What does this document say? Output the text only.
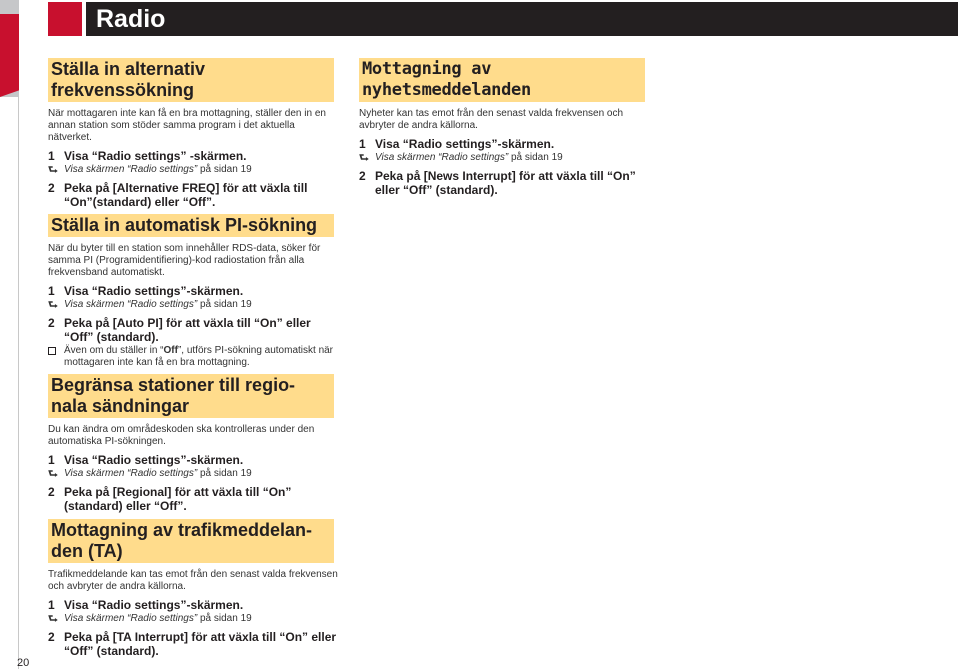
Radio
Ställa in alternativ
frekvenssökning
När mottagaren inte kan få en bra mottagning, ställer den in en annan station som stöder samma program i det aktuella nätverket.
1 Visa “Radio settings” -skärmen.
⮑ Visa skärmen “Radio settings” på sidan 19
2 Peka på [Alternative FREQ] för att växla till “On”(standard) eller “Off”.
Ställa in automatisk PI-sökning
När du byter till en station som innehåller RDS-data, söker för samma PI (Programidentifiering)-kod radiostation från alla frekvensband automatiskt.
1 Visa “Radio settings”-skärmen.
⮑ Visa skärmen “Radio settings” på sidan 19
2 Peka på [Auto PI] för att växla till “On” eller “Off” (standard).
Även om du ställer in “Off”, utförs PI-sökning automatiskt när mottagaren inte kan få en bra mottagning.
Begränsa stationer till regio-
nala sändningar
Du kan ändra om områdeskoden ska kontrolleras under den automatiska PI-sökningen.
1 Visa “Radio settings”-skärmen.
⮑ Visa skärmen “Radio settings” på sidan 19
2 Peka på [Regional] för att växla till “On” (standard) eller “Off”.
Mottagning av trafikmeddelan-
den (TA)
Trafikmeddelande kan tas emot från den senast valda frekvensen och avbryter de andra källorna.
1 Visa “Radio settings”-skärmen.
⮑ Visa skärmen “Radio settings” på sidan 19
2 Peka på [TA Interrupt] för att växla till “On” eller “Off” (standard).
Mottagning av
nyhetsmeddelanden
Nyheter kan tas emot från den senast valda frekvensen och avbryter de andra källorna.
1 Visa “Radio settings”-skärmen.
⮑ Visa skärmen “Radio settings” på sidan 19
2 Peka på [News Interrupt] för att växla till “On” eller “Off” (standard).
20
